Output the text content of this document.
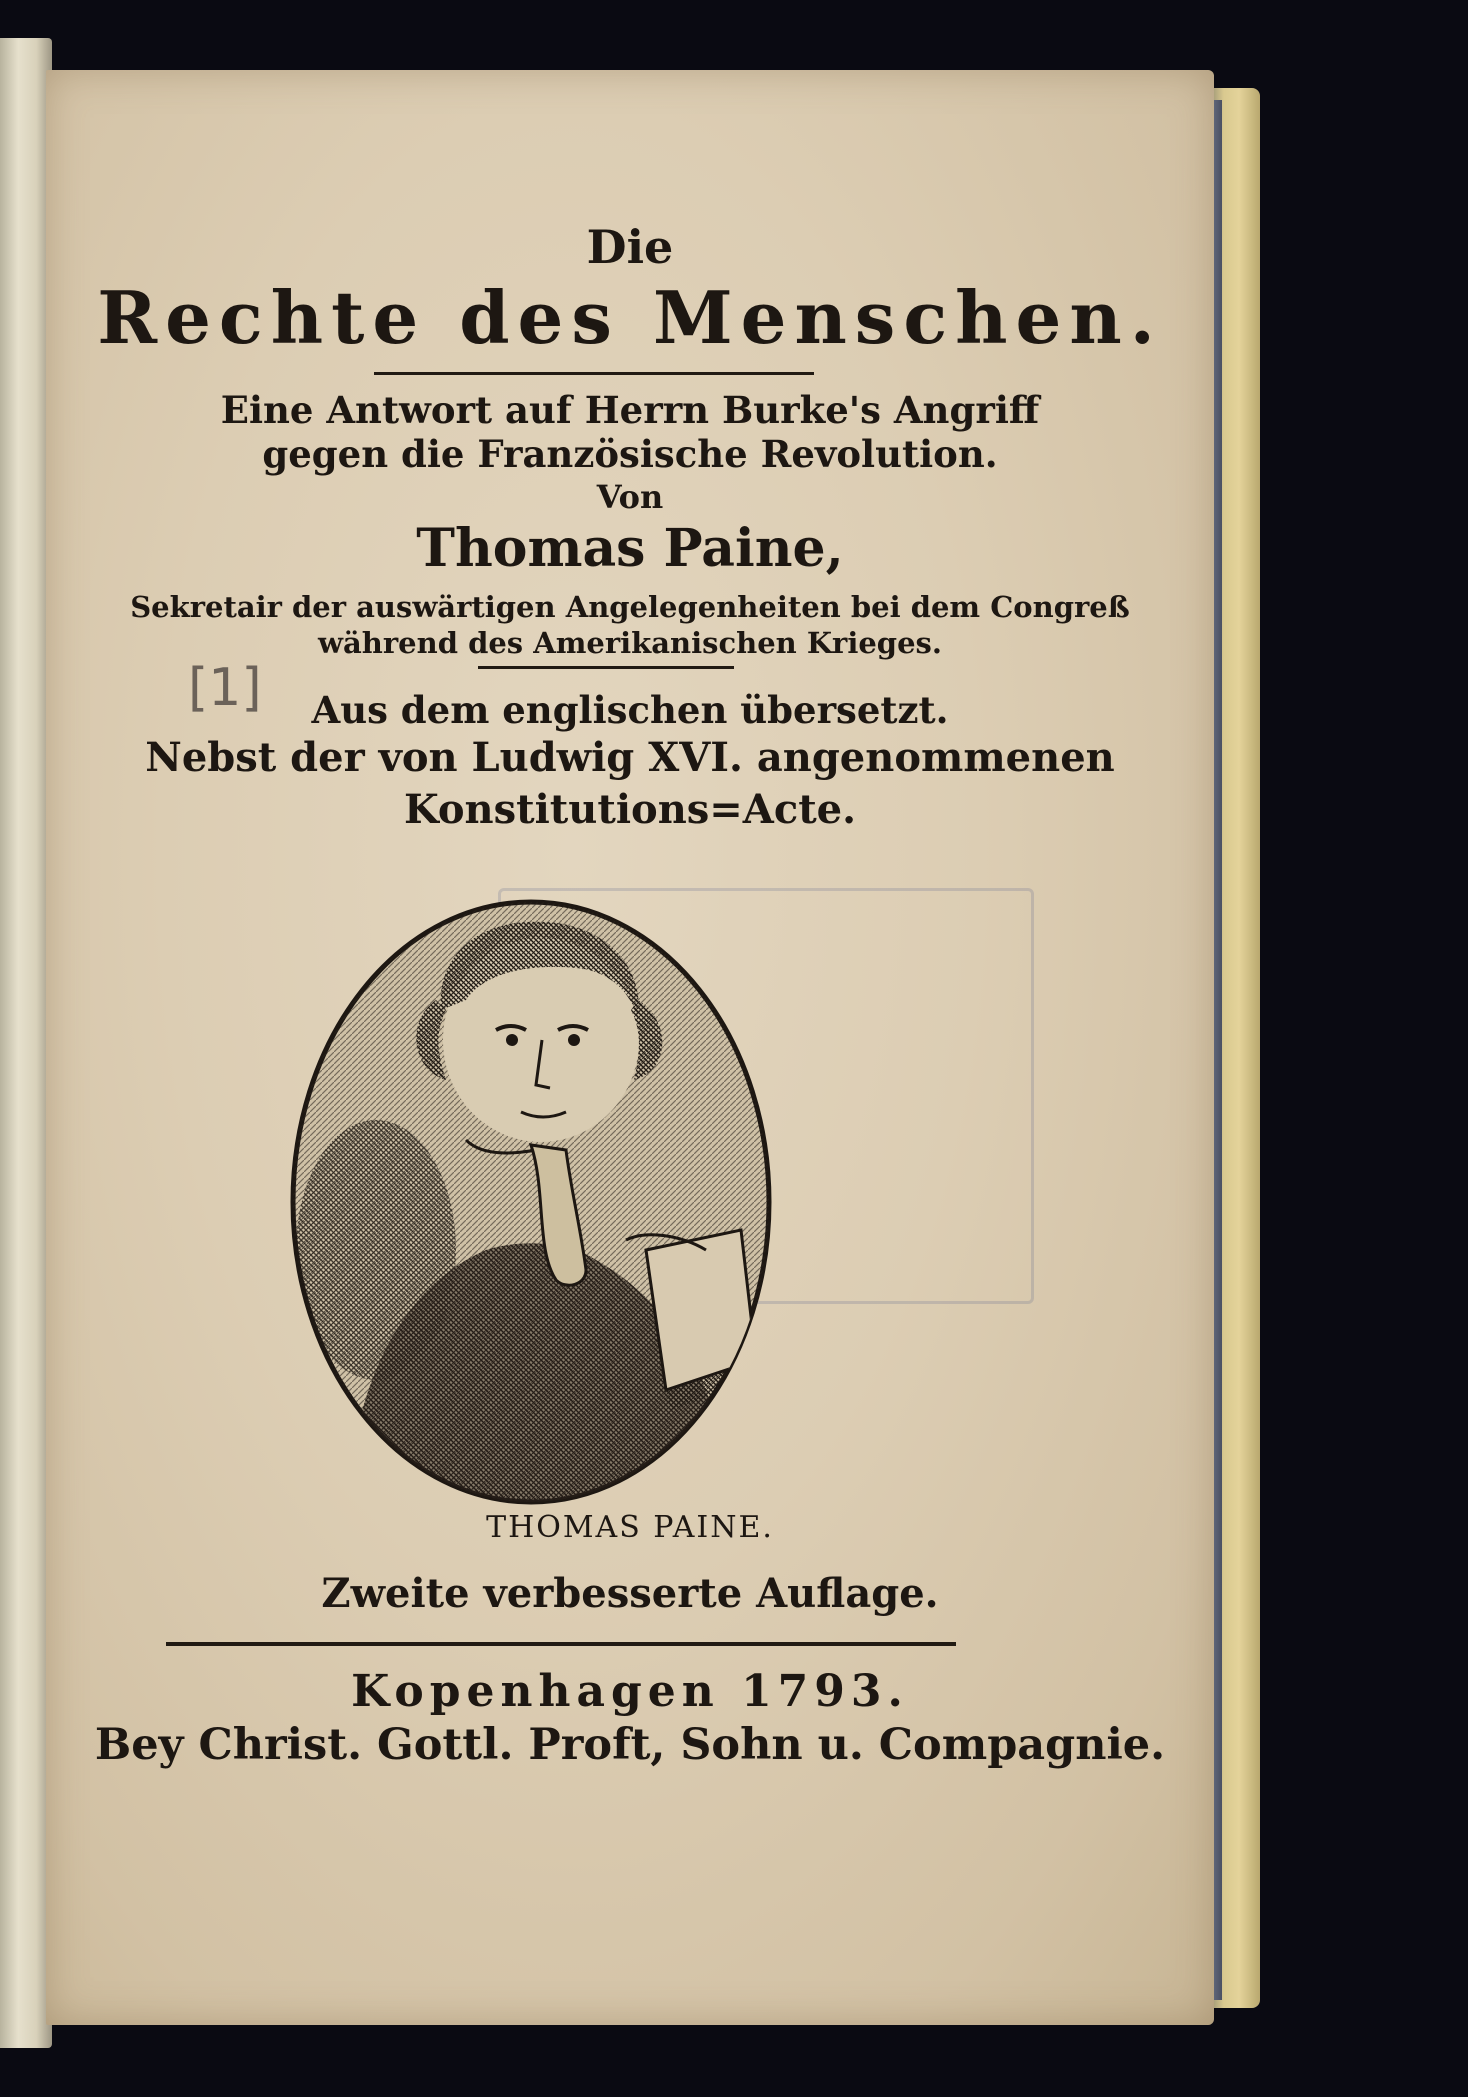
Die
Rechte des Menschen.
Eine Antwort auf Herrn Burke's Angriff
gegen die Französische Revolution.
Von
Thomas Paine,
Sekretair der auswärtigen Angelegenheiten bei dem Congreß
während des Amerikanischen Krieges.
[1]	Aus dem englischen übersetzt.
Nebst der von Ludwig XVI. angenommenen
Konstitutions=Acte.
THOMAS PAINE.
Zweite verbesserte Auflage.
Kopenhagen 1793.
Bey Christ. Gottl. Proft, Sohn u. Compagnie.
